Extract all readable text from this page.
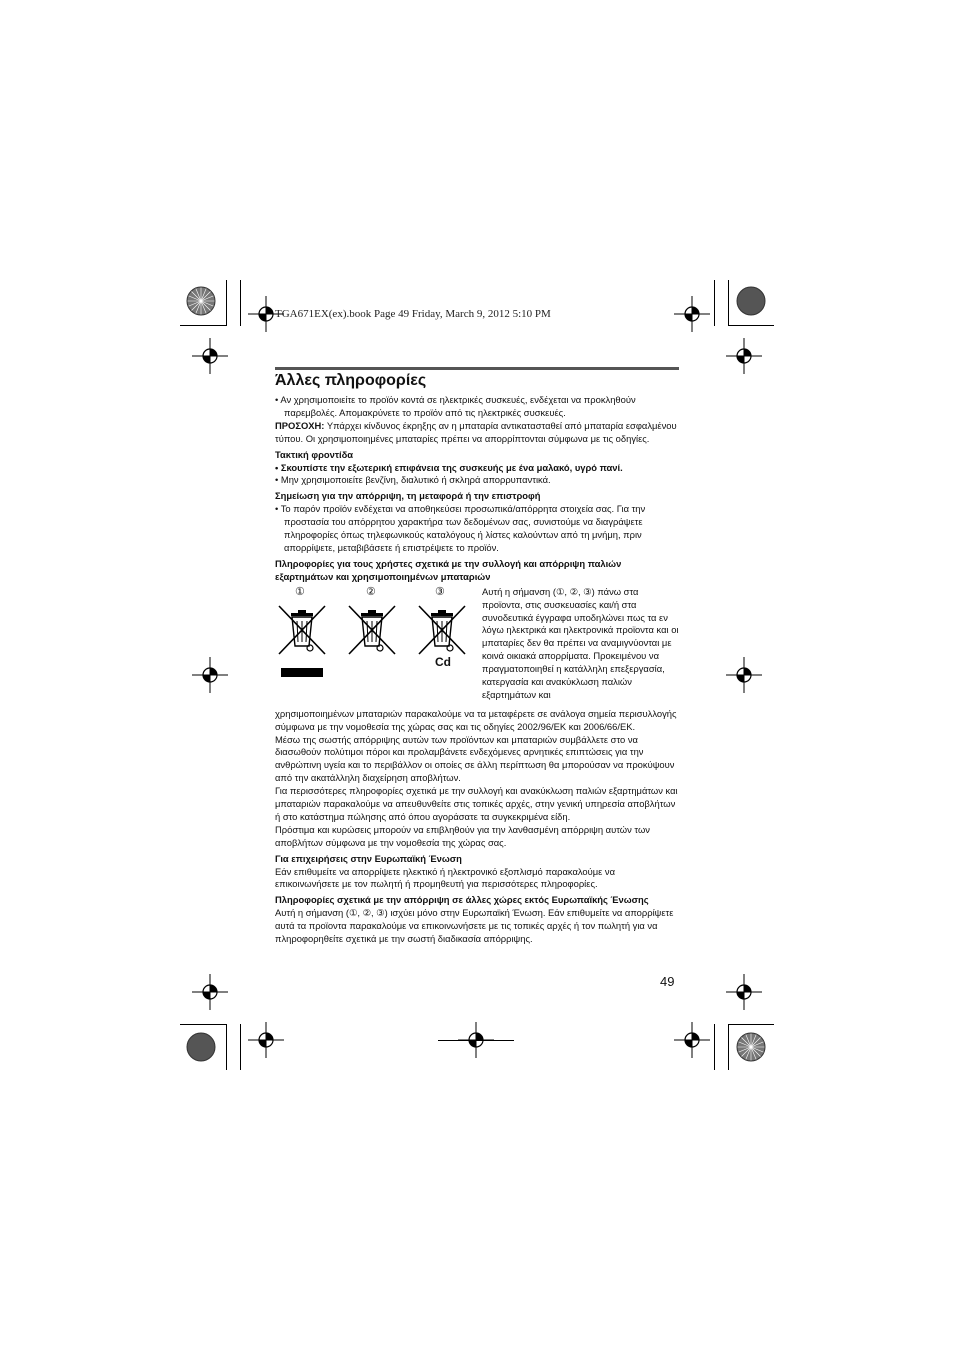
TGA671EX(ex).book Page 49 Friday, March 9, 2012 5:10 PM
Άλλες πληροφορίες

• Αν χρησιμοποιείτε το προϊόν κοντά σε ηλεκτρικές συσκευές, ενδέχεται να προκληθούν παρεμβολές. Απομακρύνετε το προϊόν από τις ηλεκτρικές συσκευές.

ΠΡΟΣΟΧΗ: Υπάρχει κίνδυνος έκρηξης αν η μπαταρία αντικατασταθεί από μπαταρία εσφαλμένου τύπου. Οι χρησιμοποιημένες μπαταρίες πρέπει να απορρίπτονται σύμφωνα με τις οδηγίες.

Τακτική φροντίδα

• Σκουπίστε την εξωτερική επιφάνεια της συσκευής με ένα μαλακό, υγρό πανί.

• Μην χρησιμοποιείτε βενζίνη, διαλυτικό ή σκληρά απορρυπαντικά.

Σημείωση για την απόρριψη, τη μεταφορά ή την επιστροφή

• Το παρόν προϊόν ενδέχεται να αποθηκεύσει προσωπικά/απόρρητα στοιχεία σας. Για την προστασία του απόρρητου χαρακτήρα των δεδομένων σας, συνιστούμε να διαγράψετε πληροφορίες όπως τηλεφωνικούς καταλόγους ή λίστες καλούντων από τη μνήμη, πριν απορρίψετε, μεταβιβάσετε ή επιστρέψετε το προϊόν.

Πληροφορίες για τους χρήστες σχετικά με την συλλογή και απόρριψη παλιών εξαρτημάτων και χρησιμοποιημένων μπαταριών

①	②	③
Cd

Αυτή η σήμανση (①, ②, ③) πάνω στα προϊοντα, στις συσκευασίες και/ή στα συνοδευτικά έγγραφα υποδηλώνει πως τα εν λόγω ηλεκτρικά και ηλεκτρονικά προϊοντα και οι μπαταρίες δεν θα πρέπει να αναμιγνύονται με κοινά οικιακά απορρίματα. Προκειμένου να πραγματοποιηθεί η κατάλληλη επεξεργασία, κατεργασία και ανακύκλωση παλιών εξαρτημάτων και

χρησιμοποιημένων μπαταριών παρακαλούμε να τα μεταφέρετε σε ανάλογα σημεία περισυλλογής σύμφωνα με την νομοθεσία της χώρας σας και τις οδηγίες 2002/96/EK και 2006/66/EK.

Μέσω της σωστής απόρριψης αυτών των προϊόντων και μπαταριών συμβάλλετε στο να διασωθούν πολύτιμοι πόροι και προλαμβάνετε ενδεχόμενες αρνητικές επιπτώσεις για την ανθρώπινη υγεία και το περιβάλλον οι οποίες σε άλλη περίπτωση θα μπορούσαν να προκύψουν από την ακατάλληλη διαχείρηση αποβλήτων.

Για περισσότερες πληροφορίες σχετικά με την συλλογή και ανακύκλωση παλιών εξαρτημάτων και μπαταριών παρακαλούμε να απευθυνθείτε στις τοπικές αρχές, στην γενική υπηρεσία αποβλήτων ή στο κατάστημα πώλησης από όπου αγοράσατε τα συγκεκριμένα είδη.

Πρόστιμα και κυρώσεις μπορούν να επιβληθούν για την λανθασμένη απόρριψη αυτών των αποβλήτων σύμφωνα με την νομοθεσία της χώρας σας.

Για επιχειρήσεις στην Ευρωπαϊκή Ένωση

Εάν επιθυμείτε να απορρίψετε ηλεκτικό ή ηλεκτρονικό εξοπλισμό παρακαλούμε να επικοινωνήσετε με τον πωλητή ή προμηθευτή για περισσότερες πληροφορίες.

Πληροφορίες σχετικά με την απόρριψη σε άλλες χώρες εκτός Ευρωπαϊκής Ένωσης

Αυτή η σήμανση (①, ②, ③) ισχύει μόνο στην Ευρωπαϊκή Ένωση. Εάν επιθυμείτε να απορρίψετε αυτά τα προϊοντα παρακαλούμε να επικοινωνήσετε με τις τοπικές αρχές ή τον πωλητή για να πληροφορηθείτε σχετικά με την σωστή διαδικασία απόρριψης.

49
